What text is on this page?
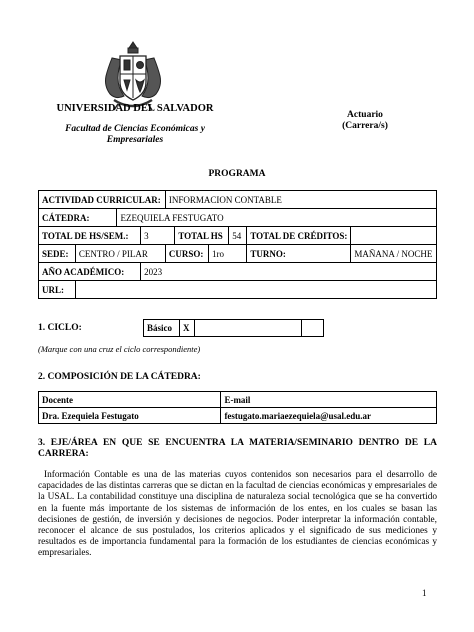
UNIVERSIDAD DEL SALVADOR
Facultad de Ciencias Económicas y Empresariales
Actuario
(Carrera/s)
PROGRAMA
ACTIVIDAD CURRICULAR:				INFORMACION CONTABLE					
CÁTEDRA:		EZEQUIELA FESTUGATO							
TOTAL DE HS/SEM.:			3		TOTAL HS		54	TOTAL DE CRÉDITOS:	
SEDE:	CENTRO / PILAR			CURSO:		1ro		TURNO:	MAÑANA / NOCHE
AÑO ACADÉMICO:			2023						
URL:									
1. CICLO:	Básico	X		
(Marque con una cruz el ciclo correspondiente)
2. COMPOSICIÓN DE LA CÁTEDRA:
Docente	E-mail
Dra. Ezequiela Festugato	festugato.mariaezequiela@usal.edu.ar
3. EJE/ÁREA EN QUE SE ENCUENTRA LA MATERIA/SEMINARIO DENTRO DE LA CARRERA:
Información Contable es una de las materias cuyos contenidos son necesarios para el desarrollo de capacidades de las distintas carreras que se dictan en la facultad de ciencias económicas y empresariales de la USAL. La contabilidad constituye una disciplina de naturaleza social tecnológica que se ha convertido en la fuente más importante de los sistemas de información de los entes, en los cuales se basan las decisiones de gestión, de inversión y decisiones de negocios. Poder interpretar la información contable, reconocer el alcance de sus postulados, los criterios aplicados y el significado de sus mediciones y resultados es de importancia fundamental para la formación de los estudiantes de ciencias económicas y empresariales.
1
